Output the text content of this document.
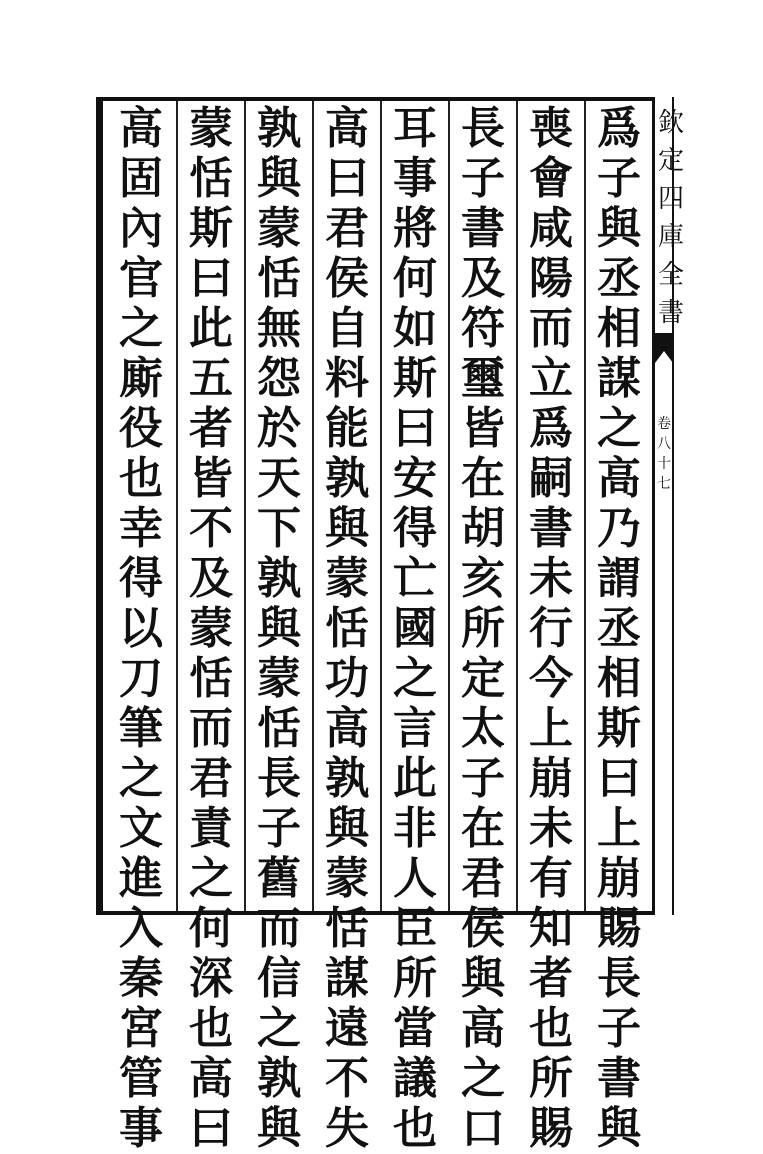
爲
子
與
丞
相
謀
之
高
乃
謂
丞
相
斯
曰
上
崩
賜
長
子
書
與
喪
會
咸
陽
而
立
爲
嗣
書
未
行
今
上
崩
未
有
知
者
也
所
賜
長
子
書
及
符
璽
皆
在
胡
亥
所
定
太
子
在
君
侯
與
高
之
口
耳
事
將
何
如
斯
曰
安
得
亡
國
之
言
此
非
人
臣
所
當
議
也
高
曰
君
侯
自
料
能
孰
與
蒙
恬
功
高
孰
與
蒙
恬
謀
遠
不
失
孰
與
蒙
恬
無
怨
於
天
下
孰
與
蒙
恬
長
子
舊
而
信
之
孰
與
蒙
恬
斯
曰
此
五
者
皆
不
及
蒙
恬
而
君
責
之
何
深
也
高
曰
高
固
內
官
之
廝
役
也
幸
得
以
刀
筆
之
文
進
入
秦
宮
管
事
欽
定
四
庫
全
書
卷
八
十
七
